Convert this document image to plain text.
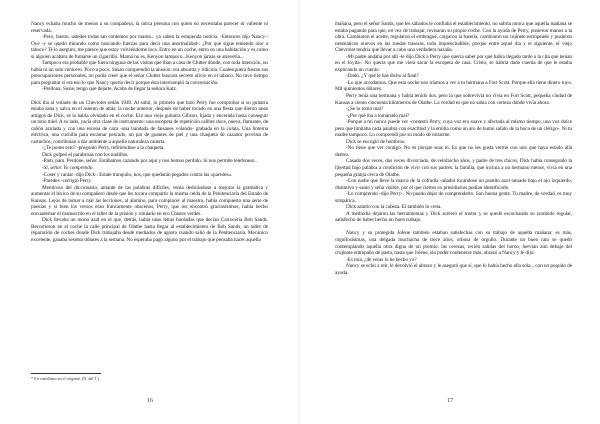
Nancy echaba mucho de menos a su compañera, la única persona con quien no necesitaba parecer ni valiente ni reservada.

-Pero, bueno, ustedes todas tan contentos por mamá... ya saben la estupenda noticia. -Entonces dijo Nancy-: Oye -y se quedó mirando como buscando fuerzas para decir una anormalidad-: ¿Por qué sigue teniendo olor a tabaco? Te lo aseguro, me parece que estoy volviéndome loca. Entro en un coche, entro en una habitación y es como si alguien acabara de fumarse un cigarrillo. Mamá no es, Kenyon tampoco...Kenyon jamás se atrevería...

Tampoco era probable que fuera ninguna de las visitas que iban a casa de Clutter donde, con toda intención, no había ni un solo cenicero. Poco a poco, Susan comprendió la alusión: era absurda y ridícula. Cualesquiera fueran sus preocupaciones personales, no podía creer que el señor Clutter buscara secreto alivio en el tabaco. No tuvo tiempo para preguntar si era eso lo que Nancy quería decir porque ésta interrumpió la conversación:

-Perdona, Susie, tengo que dejarte. Acaba de llegar la señora Katz.

Dick iba al volante de un Chevrolet sedán 1949. Al subir, lo primero que hizo Perry fue comprobar si su guitarra estaba sana y salva en el asiento de atrás; la noche anterior, después de haber tocado en una fiesta que dieron unos amigos de Dick, se la había olvidado en el coche. Era una vieja guitarra Gibson, lijada y encerada hasta conseguir un tono miel. A su lado, yacía otra clase de instrumento: una escopeta de repetición calibre doce, nueva, flamante, de cañón azulado y con una escena de caza -una bandada de faisanes volando- grabada en la culata. Una linterna eléctrica, una cuchilla para escamar pescado, un par de guantes de piel y una chaqueta de cazador provista de cartuchos, contribuían a dar ambiente a aquella naturaleza muerta.

-¿Te pones esto? -preguntó Perry, refiriéndose a la chaqueta.

Dick golpeó el parabrisas con los nudillos.

-Pam, pam. Perdone, señor. Estábamos cazando por aquí y nos hemos perdido. Si nos permite telefonear...

-Sí, señor. Yo comprendo.

-Coser y cantar -dijo Dick-. Estate tranquilo, nos, que quedarán pegados contra las «paredes».

-Paredes -corrigió Perry.

Mentiroso del diccionario, amante de las palabras difíciles, venía dedicándose a mejorar la gramática y aumentar el léxico de su compañero desde que les tocara compartir la misma celda de la Penitenciaría del Estado de Kansas. Lejos de tomar a mal las lecciones, al alumno, para complacer al maestro, había compuesto una serie de poesías y si bien los versos eran francamente obscenos, Perry, que los encontró graciosísimos, había hecho encuadernar el manuscrito en el taller de la prisión y rotulado en oro Chistes verdes.

Dick llevaba un mono azul en el que, detrás, había unas letras bordadas que decían Carrocería Bob Sands. Recorrieron en el coche la calle principal de Olathe hasta llegar al establecimiento de Bob Sands, un taller de reparación de coches donde Dick trabajaba desde mediados de agosto cuando salió de la Penitenciaría. Mecánico excelente, ganaba sesenta dólares a la semana. No esperaba pago alguno por el trabajo que pensaba hacer aquella

* En castellano en el original. (N. del T.)
16

mañana, pero el señor Sands, que les sábados le confiaba el establecimiento, no sabría nunca que aquella mañana se estaba pagando para que, en vez de trabajar, revisaran su propio coche. Con la ayuda de Perry, pusieron manos a la obra. Cambiaron el aceite, regularon el embrague, cargaron la batería, cambiaron un cojinete estropeado y pusieron neumáticos nuevos en las ruedas traseras, todo imprescindible, porque entre aquel día y el siguiente, el viejo Chevrolet tendría que llevar a cabo una verdadera hazaña.

-Mi padre andaba por allí -le dijo Dick a Perry que quería saber por qué había llegado tarde a la cita que tenían en el Joyita-. No quería que me viera sacar la escopeta de casa. Cristo, se habría dado cuenta de que le estaba explicando un cuento.

-Dado. ¿Y qué le has dicho al final?

-Lo que acordamos. Que esta noche nos iríamos a ver a tu hermana a Fort Scott. Porque ella tiene dinero tuyo. Mil quinientos dólares.

Perry tenía una hermana y había tenido dos, pero la que sobrevivía no vivía en Fort Scott, pequeña ciudad de Kansas a ciento cincuenta kilómetros de Olathe. La verdad es que no sabía con certeza dónde vivía ahora.

-¿Se lo tomó mal?

-¿Por qué iba a tomárselo mal?

-Porque a mí nunca puede ver -contestó Perry, cuya voz era suave y afectada al mismo tiempo, una voz dulce pero que limitaba cada palabra con exactitud y la emitía como un aro de humo salido de la boca de un clérigo-. Ni tu madre tampoco. Lo comprendí por su modo de mirarme.

Dick se encogió de hombros.

-No tiene que ver contigo. No es porque seas tú. Es que no les gusta verme con uno que haya estado allá dentro.

Casado dos veces, dos veces divorciado, de veintiocho años, y padre de tres chicos, Dick había conseguido la libertad bajo palabra a condición de vivir con sus padres; la familia, que incluía a un hermano menor, vivía en una pequeña granja cerca de Olathe.

-Con nadie que lleve la marca de la cofradía -añadió tocándose un puntito azul tatuado bajo el ojo izquierdo, distintivo y santo y seña visible, por el que ciertos ex presidiarios podían identificarle.

-Lo comprendo -dijo Perry-. No puedo dejar de comprenderlo. Son buena gente. Tu madre, de verdad, es muy simpática.

Dick asintió con la cabeza. El también lo creía.

A mediodía dejaron las herramientas y Dick aceleró el motor y se quedó escuchando su zumbido regular, satisfecho de haber hecho un buen trabajo.

Nancy y su protegida Jolene también estaban satisfechas con su trabajo de aquella mañana; es más, orgullosísimas, una delgada muchacha de trece años, orbosa de orgullo. Durante un buen rato se quedó contemplando aquella obra digna de un premio: las cerezas, recién salidas del horno, hervían aún debajo del crujiente entrepaño de pasta, hasta que Jolene, sin poder contenerse más, abrazó a Nancy y le dijo:

-Es mía, ¿de veras lo he hecho yo?

Nancy se echó a reír, le devolvió el abrazo y le aseguró que sí, que lo había hecho ella sola... con un poquito de ayuda.

17
